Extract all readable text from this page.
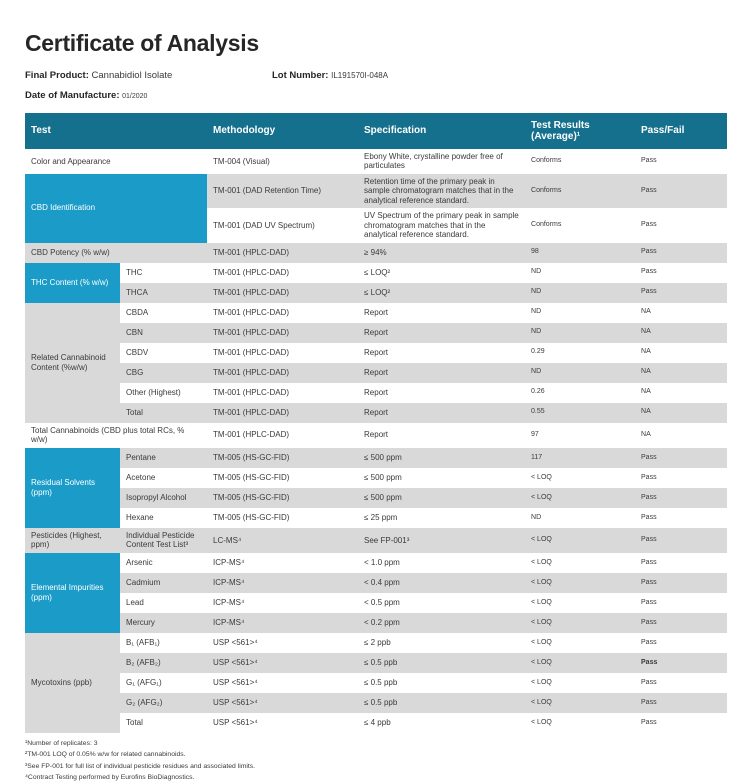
Certificate of Analysis
Final Product: Cannabidiol Isolate	Lot Number: IL191570I-048A
Date of Manufacture: 01/2020
Test		Methodology	Specification	Test Results (Average)¹	Pass/Fail
Color and Appearance		TM-004 (Visual)	Ebony White, crystalline powder free of particulates	Conforms	Pass
CBD Identification		TM-001 (DAD Retention Time)	Retention time of the primary peak in sample chromatogram matches that in the analytical reference standard.	Conforms	Pass
		TM-001 (DAD UV Spectrum)	UV Spectrum of the primary peak in sample chromatogram matches that in the analytical reference standard.	Conforms	Pass
CBD Potency (% w/w)		TM-001 (HPLC-DAD)	≥ 94%	98	Pass
THC Content (% w/w)	THC	TM-001 (HPLC-DAD)	≤ LOQ²	ND	Pass
	THCA	TM-001 (HPLC-DAD)	≤ LOQ²	ND	Pass
Related Cannabinoid Content (%w/w)	CBDA	TM-001 (HPLC-DAD)	Report	ND	NA
	CBN	TM-001 (HPLC-DAD)	Report	ND	NA
	CBDV	TM-001 (HPLC-DAD)	Report	0.29	NA
	CBG	TM-001 (HPLC-DAD)	Report	ND	NA
	Other (Highest)	TM-001 (HPLC-DAD)	Report	0.26	NA
	Total	TM-001 (HPLC-DAD)	Report	0.55	NA
Total Cannabinoids (CBD plus total RCs, % w/w)		TM-001 (HPLC-DAD)	Report	97	NA
Residual Solvents (ppm)	Pentane	TM-005 (HS-GC-FID)	≤ 500 ppm	117	Pass
	Acetone	TM-005 (HS-GC-FID)	≤ 500 ppm	< LOQ	Pass
	Isopropyl Alcohol	TM-005 (HS-GC-FID)	≤ 500 ppm	< LOQ	Pass
	Hexane	TM-005 (HS-GC-FID)	≤ 25 ppm	ND	Pass
Pesticides (Highest, ppm)	Individual Pesticide Content Test List³	LC-MS⁴	See FP-001³	< LOQ	Pass
Elemental Impurities (ppm)	Arsenic	ICP-MS⁴	< 1.0 ppm	< LOQ	Pass
	Cadmium	ICP-MS⁴	< 0.4 ppm	< LOQ	Pass
	Lead	ICP-MS⁴	< 0.5 ppm	< LOQ	Pass
	Mercury	ICP-MS⁴	< 0.2 ppm	< LOQ	Pass
Mycotoxins (ppb)	B₁ (AFB₁)	USP <561>⁴	≤ 2 ppb	< LOQ	Pass
	B₂ (AFB₂)	USP <561>⁴	≤ 0.5 ppb	< LOQ	Pass
	G₁ (AFG₁)	USP <561>⁴	≤ 0.5 ppb	< LOQ	Pass
	G₂ (AFG₂)	USP <561>⁴	≤ 0.5 ppb	< LOQ	Pass
	Total	USP <561>⁴	≤ 4 ppb	< LOQ	Pass
¹Number of replicates: 3
²TM-001 LOQ of 0.05% w/w for related cannabinoids.
³See FP-001 for full list of individual pesticide residues and associated limits.
⁴Contract Testing performed by Eurofins BioDiagnostics.
